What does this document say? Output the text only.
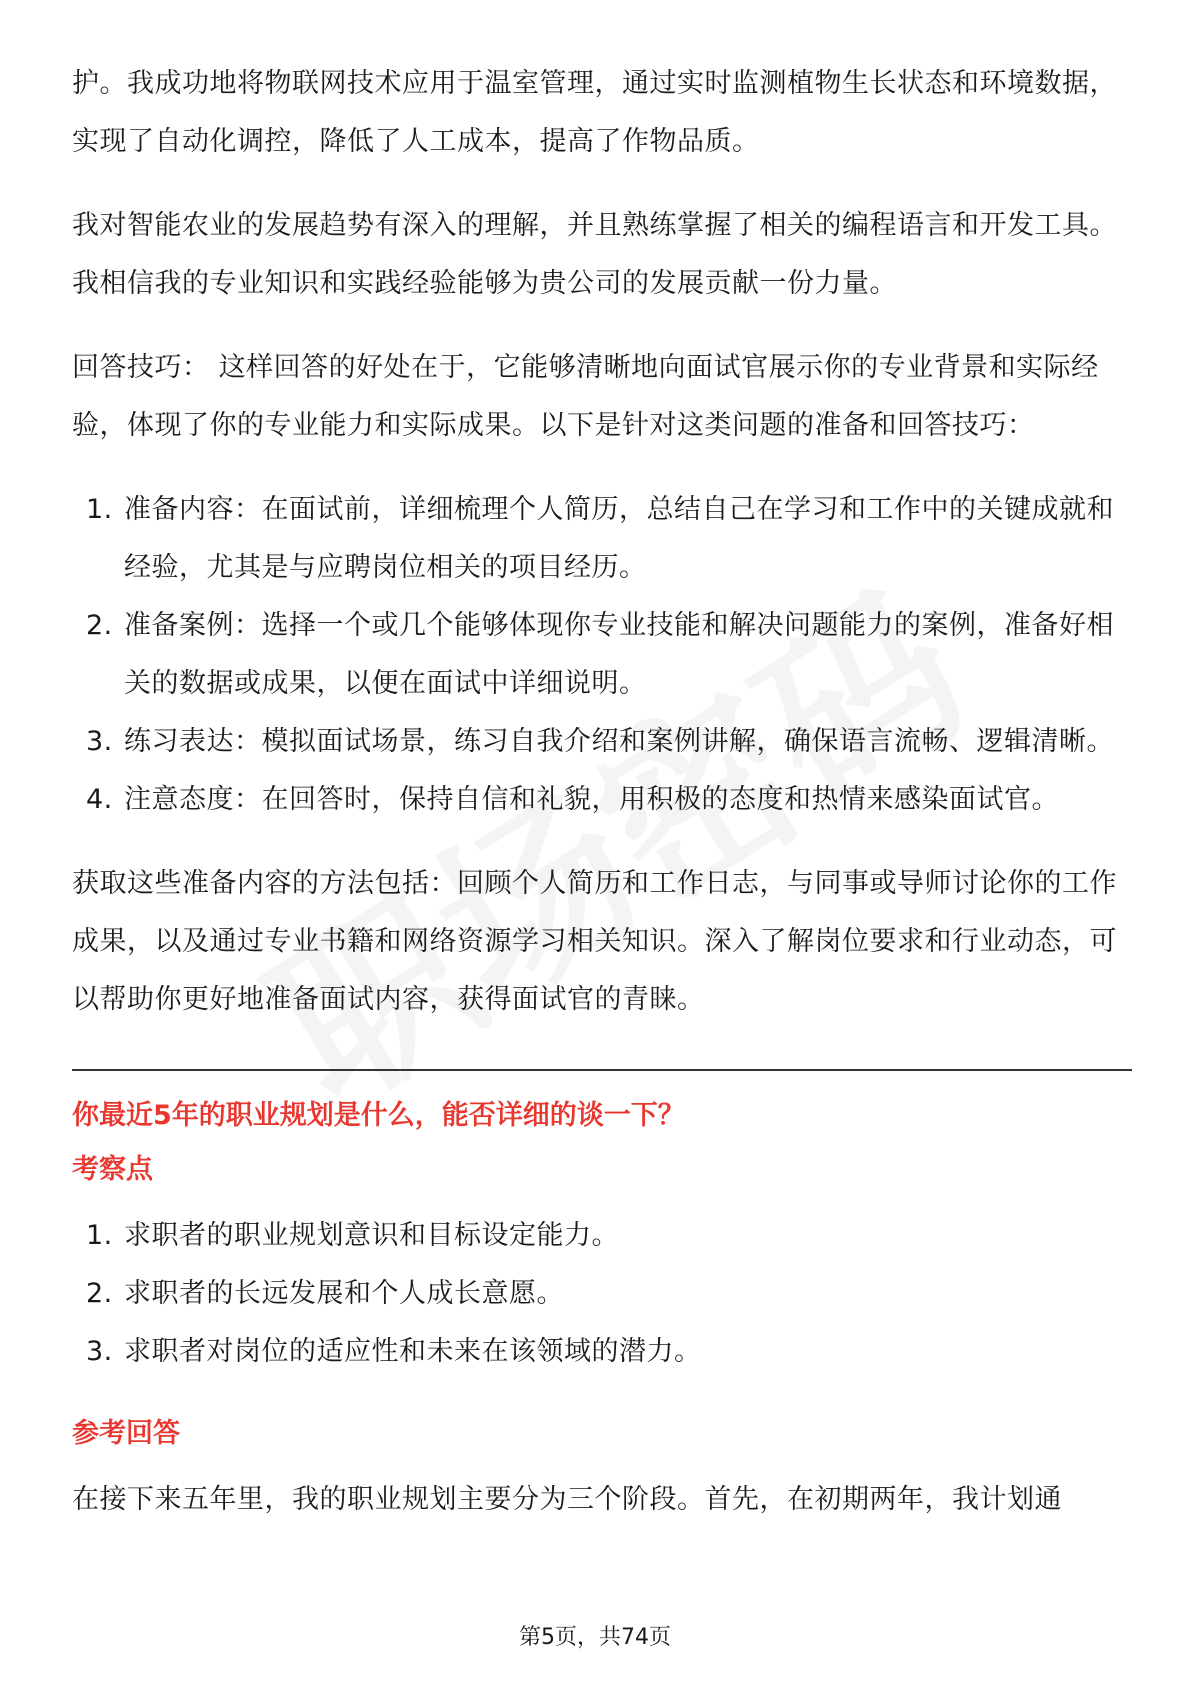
护。我成功地将物联网技术应用于温室管理，通过实时监测植物生长状态和环境数据，实现了自动化调控，降低了人工成本，提高了作物品质。

我对智能农业的发展趋势有深入的理解，并且熟练掌握了相关的编程语言和开发工具。我相信我的专业知识和实践经验能够为贵公司的发展贡献一份力量。

回答技巧： 这样回答的好处在于，它能够清晰地向面试官展示你的专业背景和实际经验，体现了你的专业能力和实际成果。以下是针对这类问题的准备和回答技巧：

1. 准备内容：在面试前，详细梳理个人简历，总结自己在学习和工作中的关键成就和经验，尤其是与应聘岗位相关的项目经历。
2. 准备案例：选择一个或几个能够体现你专业技能和解决问题能力的案例，准备好相关的数据或成果，以便在面试中详细说明。
3. 练习表达：模拟面试场景，练习自我介绍和案例讲解，确保语言流畅、逻辑清晰。
4. 注意态度：在回答时，保持自信和礼貌，用积极的态度和热情来感染面试官。

获取这些准备内容的方法包括：回顾个人简历和工作日志，与同事或导师讨论你的工作成果，以及通过专业书籍和网络资源学习相关知识。深入了解岗位要求和行业动态，可以帮助你更好地准备面试内容，获得面试官的青睐。

你最近5年的职业规划是什么，能否详细的谈一下？
考察点
1. 求职者的职业规划意识和目标设定能力。
2. 求职者的长远发展和个人成长意愿。
3. 求职者对岗位的适应性和未来在该领域的潜力。
参考回答

在接下来五年里，我的职业规划主要分为三个阶段。首先，在初期两年，我计划通

第5页，共74页
